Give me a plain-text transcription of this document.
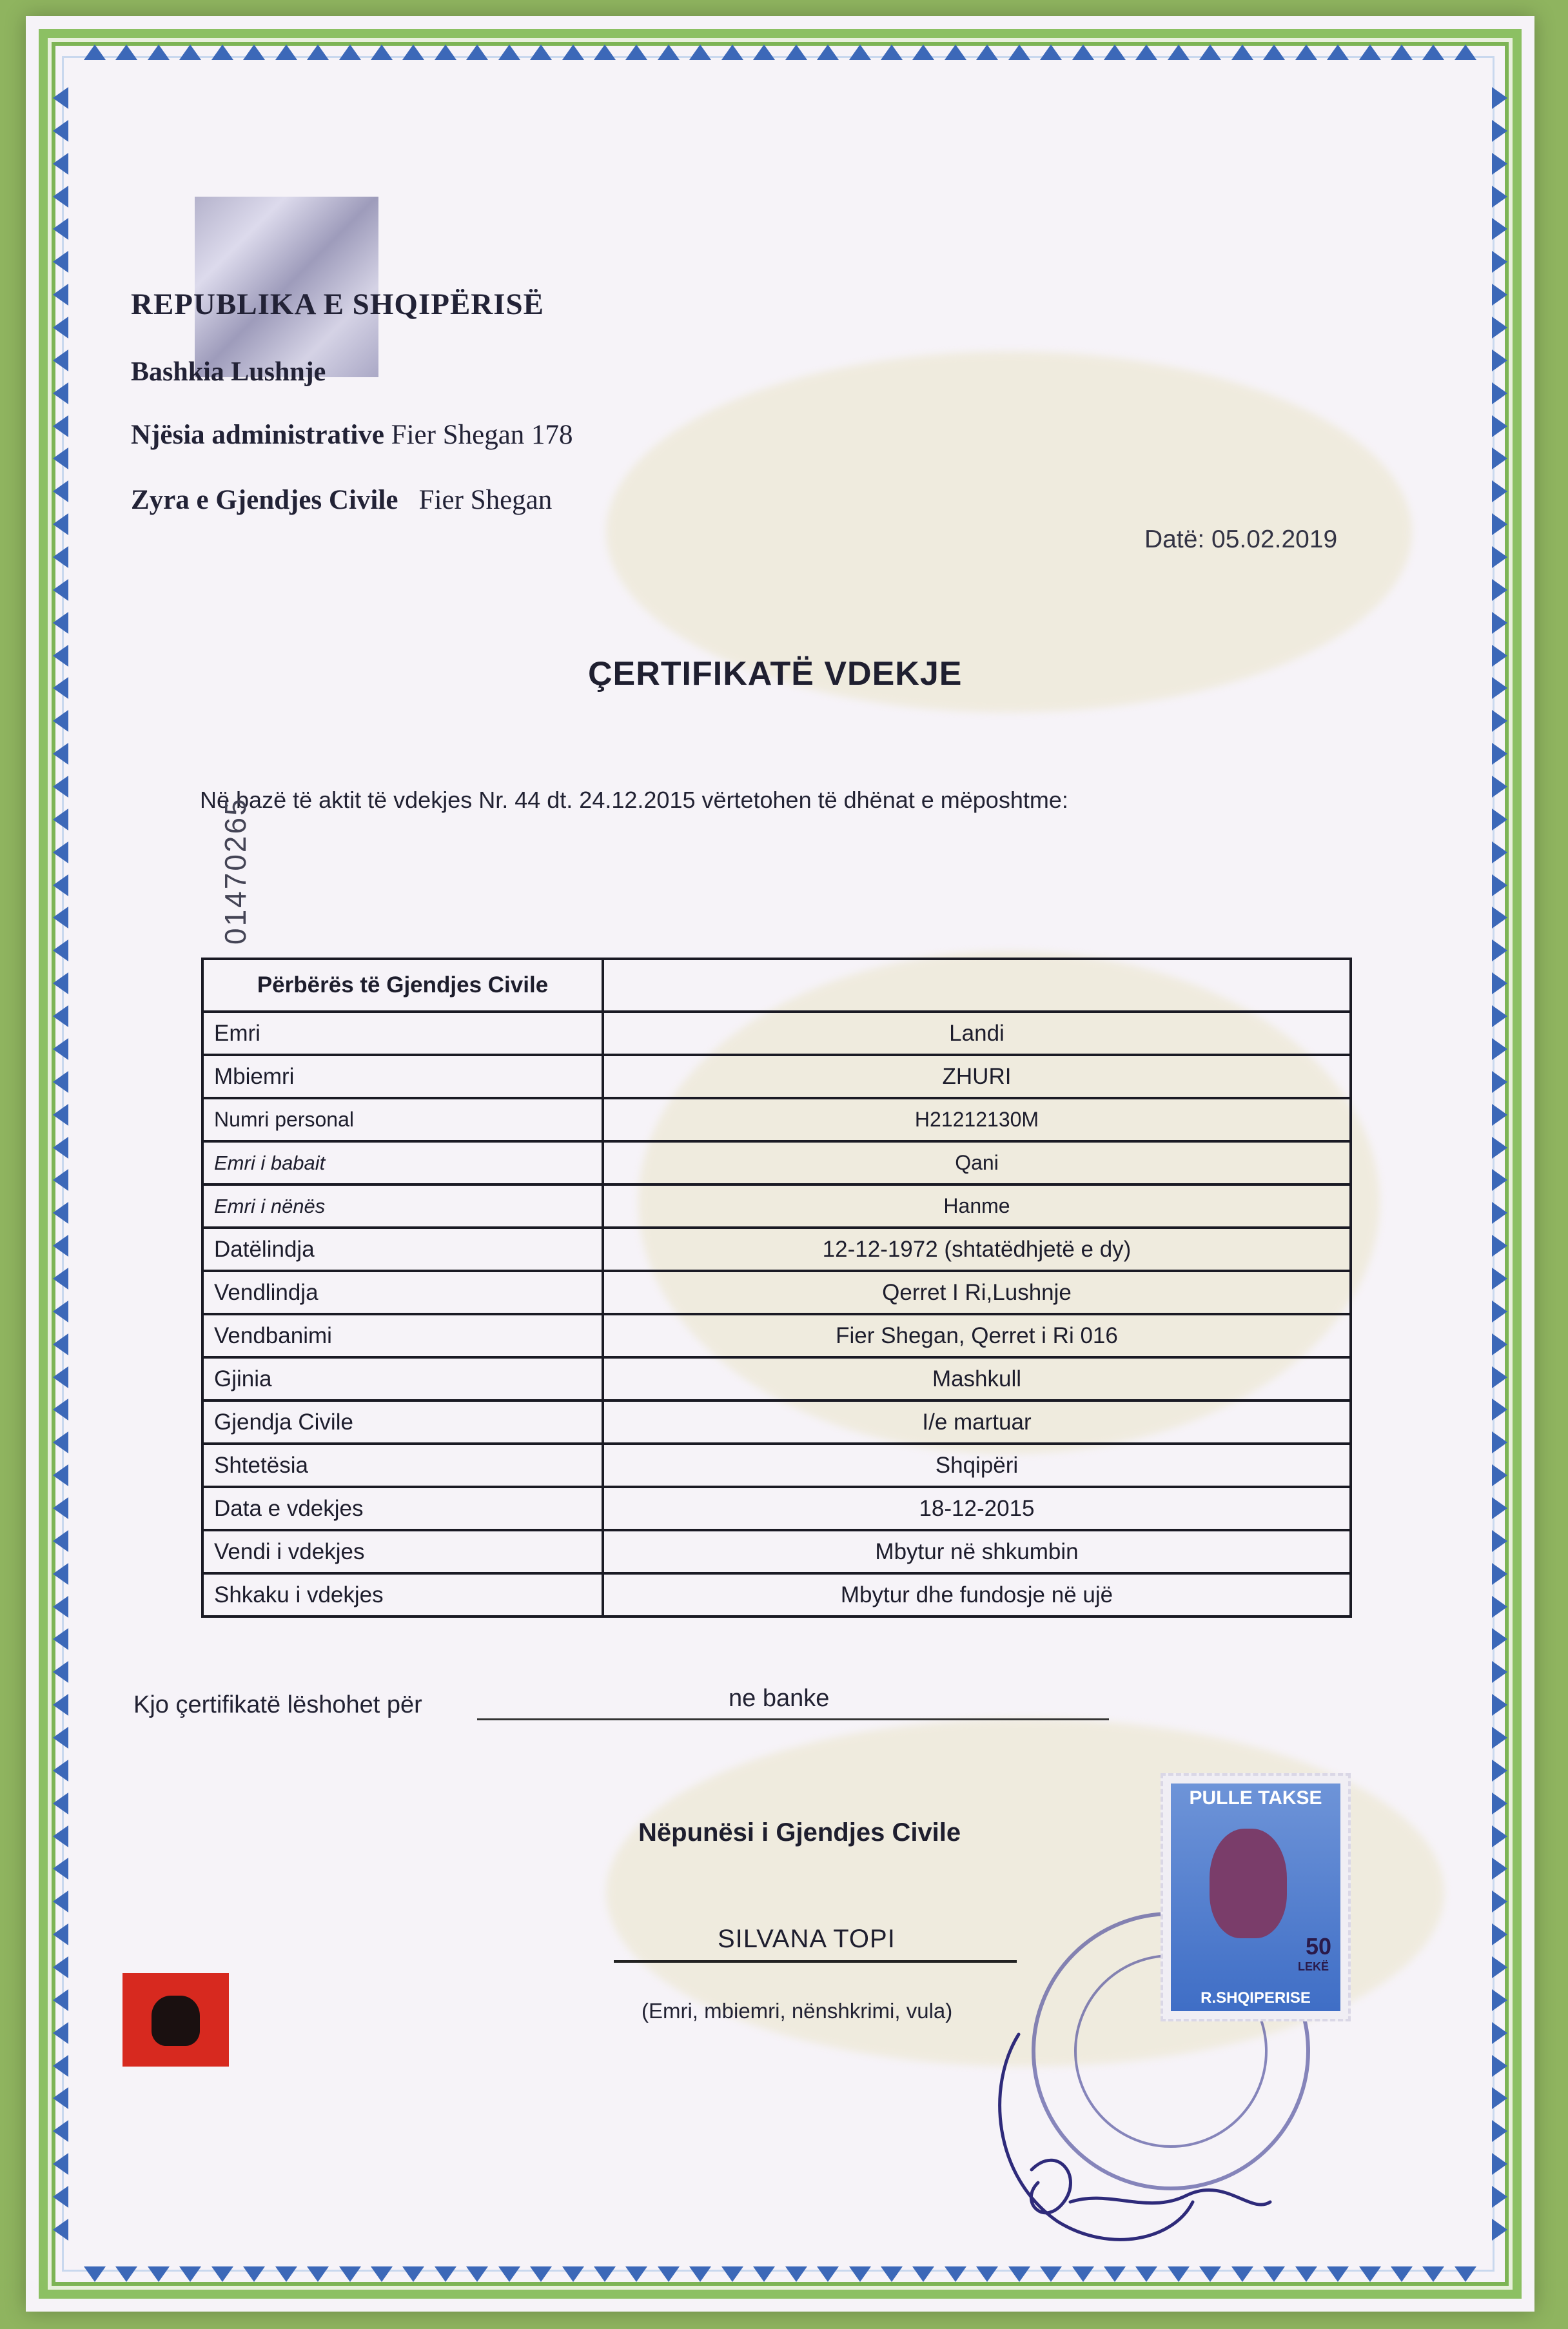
REPUBLIKA E SHQIPËRISË
Bashkia Lushnje
Njësia administrative Fier Shegan 178
Zyra e Gjendjes Civile Fier Shegan
Datë: 05.02.2019
ÇERTIFIKATË VDEKJE
Në bazë të aktit të vdekjes Nr. 44 dt. 24.12.2015 vërtetohen të dhënat e mëposhtme:
01470265
Përbërës të Gjendjes Civile	
Emri	Landi
Mbiemri	ZHURI
Numri personal	H21212130M
Emri i babait	Qani
Emri i nënës	Hanme
Datëlindja	12-12-1972 (shtatëdhjetë e dy)
Vendlindja	Qerret I Ri,Lushnje
Vendbanimi	Fier Shegan, Qerret i Ri 016
Gjinia	Mashkull
Gjendja Civile	I/e martuar
Shtetësia	Shqipëri
Data e vdekjes	18-12-2015
Vendi i vdekjes	Mbytur në shkumbin
Shkaku i vdekjes	Mbytur dhe fundosje në ujë
Kjo çertifikatë lëshohet për	ne banke
Nëpunësi i Gjendjes Civile
SILVANA TOPI
(Emri, mbiemri, nënshkrimi, vula)
PULLE TAKSE
50
LEKË
R.SHQIPERISE
